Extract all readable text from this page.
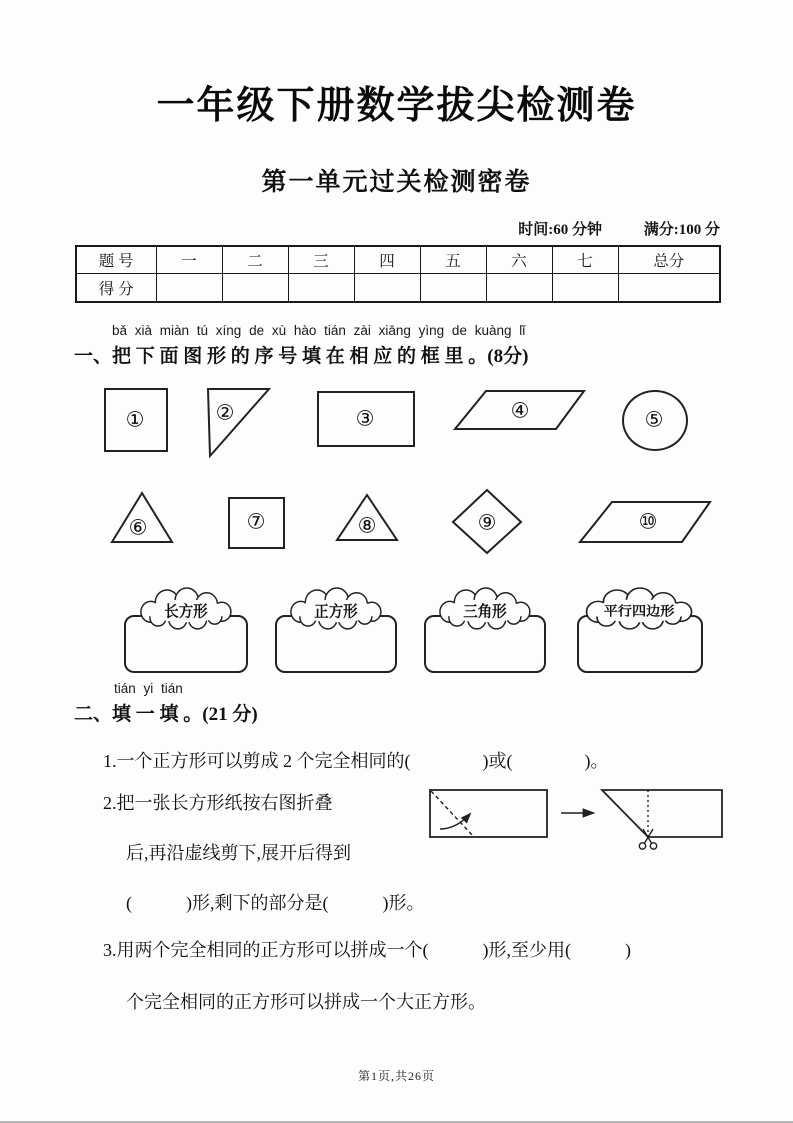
一年级下册数学拔尖检测卷
第一单元过关检测密卷
时间:60 分钟	满分:100 分
题 号	一	二	三	四	五	六	七	总分
得 分								
bǎ xià miàn tú xíng de xù hào tián zài xiāng yìng de kuàng lǐ
一、把 下 面 图 形 的 序 号 填 在 相 应 的 框 里 。(8分)
①	②	③	④	⑤
⑥	⑦	⑧	⑨	⑩
长方形	正方形	三角形	平行四边形
tián yi tián
二、填 一 填 。(21 分)
1.一个正方形可以剪成 2 个完全相同的(　　　　)或(　　　　)。
2.把一张长方形纸按右图折叠
后,再沿虚线剪下,展开后得到
(　　　)形,剩下的部分是(　　　)形。
3.用两个完全相同的正方形可以拼成一个(　　　)形,至少用(　　　)
个完全相同的正方形可以拼成一个大正方形。
第1页,共26页
